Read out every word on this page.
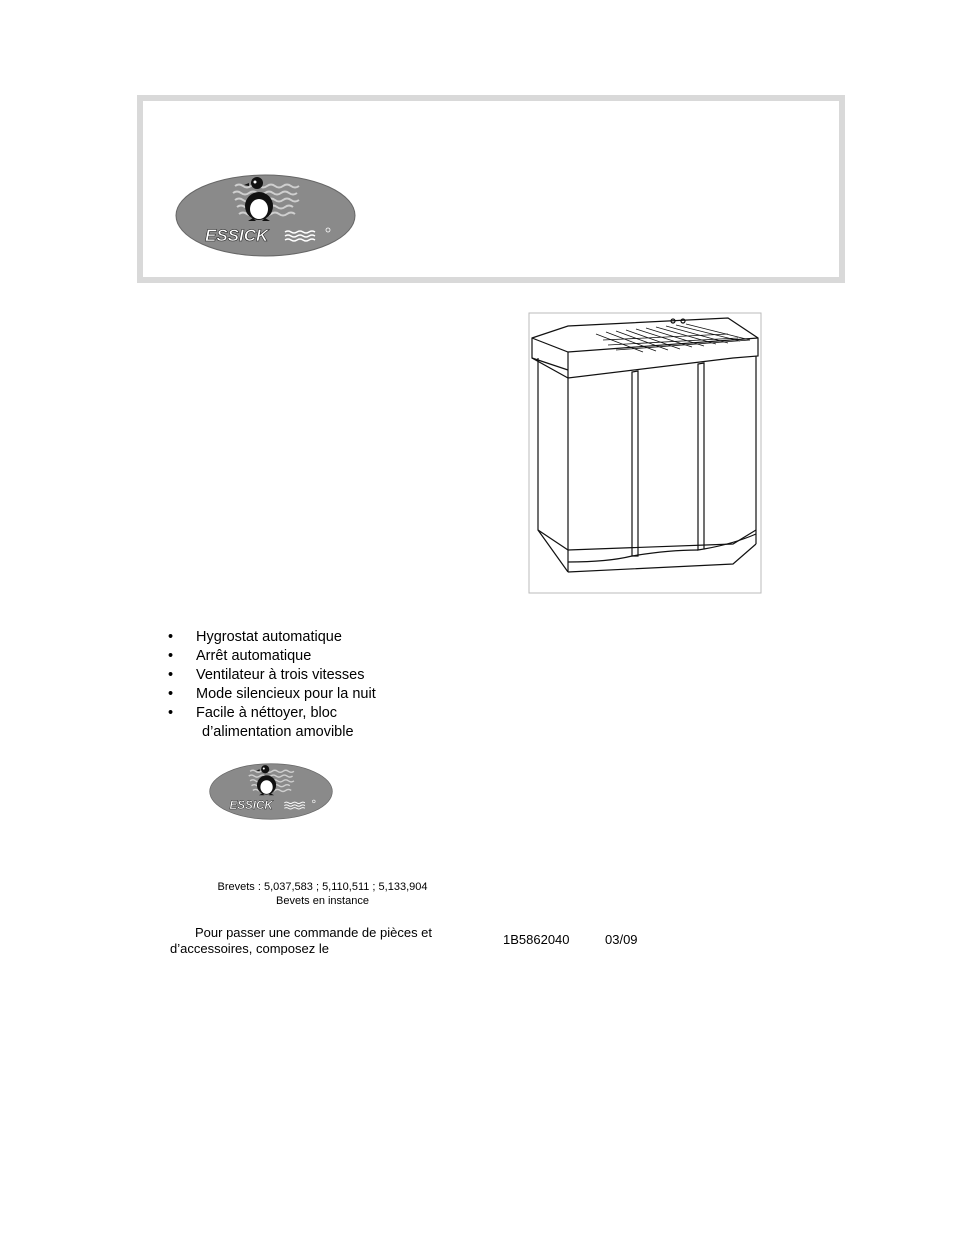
ESSICK
•	Hygrostat automatique
•	Arrêt automatique
•	Ventilateur à trois vitesses
•	Mode silencieux pour la nuit
•	Facile à néttoyer, bloc
d’alimentation amovible
ESSICK
Brevets : 5,037,583 ; 5,110,511 ; 5,133,904
Bevets en instance
Pour passer une commande de pièces et
d’accessoires, composez le
1B5862040	03/09
